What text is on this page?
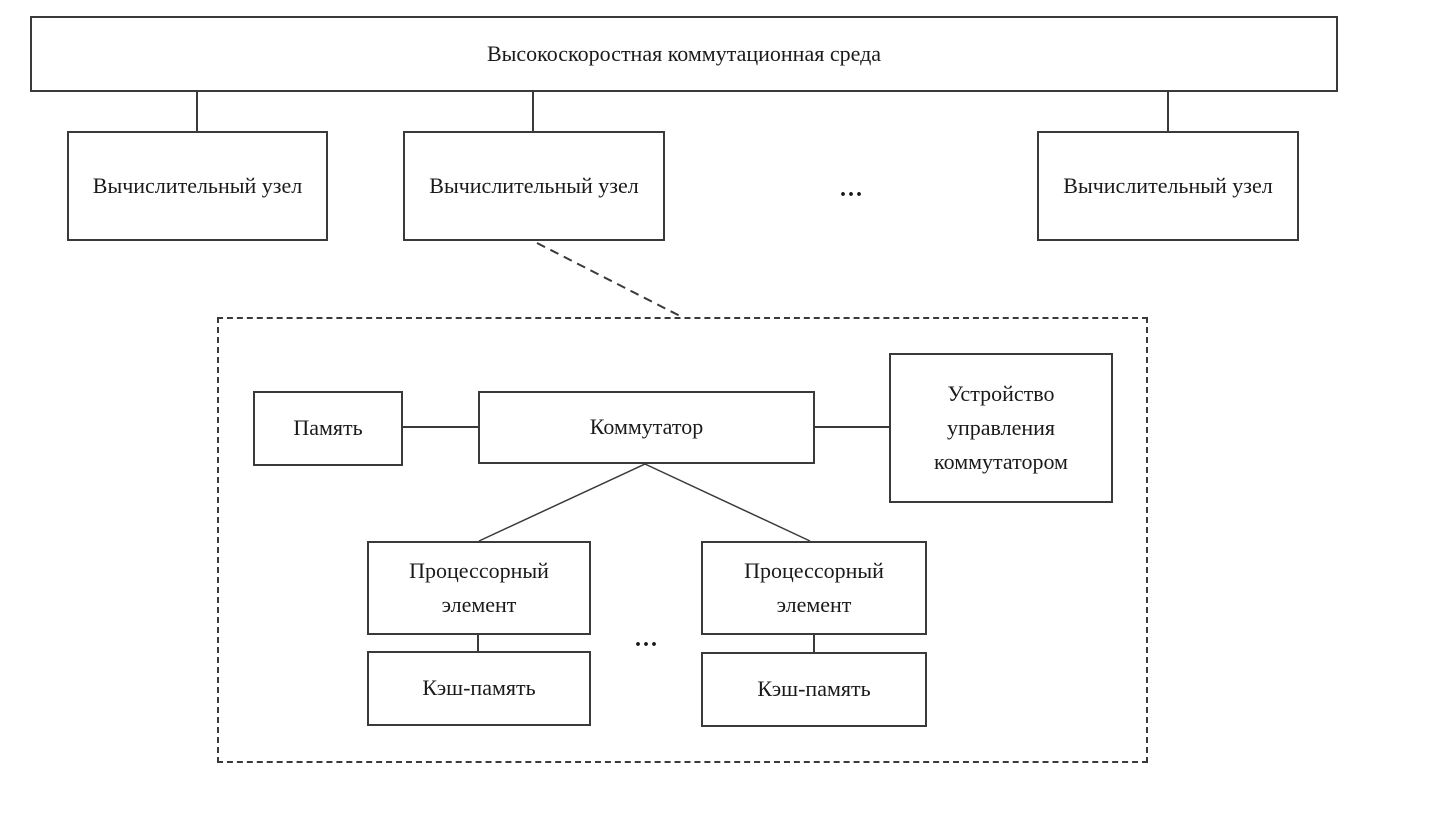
Высокоскоростная коммутационная среда
Вычислительный узел	Вычислительный узел	...	Вычислительный узел
Память	Коммутатор
Устройство управления коммутатором
Процессорный элемент
...
Процессорный элемент
Кэш-память	Кэш-память
